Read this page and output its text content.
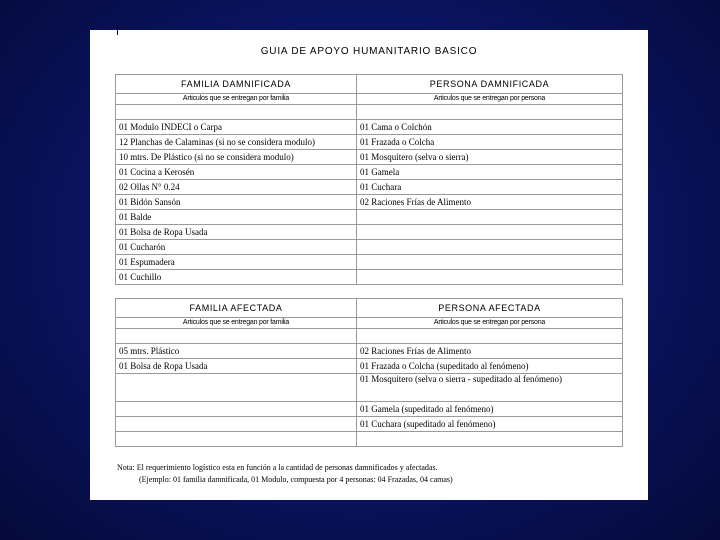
GUIA DE APOYO HUMANITARIO BASICO
FAMILIA DAMNIFICADA	PERSONA DAMNIFICADA
Articulos que se entregan por familia	Articulos que se entregan por persona

01 Modulo INDECI o Carpa	01 Cama o Colchón
12 Planchas de Calaminas (si no se considera modulo)	01 Frazada o Colcha
10 mtrs. De Plástico (si no se considera modulo)	01 Mosquitero (selva o sierra)
01 Cocina a Kerosén	01 Gamela
02 Ollas N° 0.24	01 Cuchara
01 Bidón Sansón	02 Raciones Frías de Alimento
01 Balde	
01 Bolsa de Ropa Usada	
01 Cucharón	
01 Espumadera	
01 Cuchillo	
FAMILIA AFECTADA	PERSONA AFECTADA
Articulos que se entregan por familia	Articulos que se entregan por persona

05 mtrs. Plástico	02 Raciones Frías de Alimento
01 Bolsa de Ropa Usada	01 Frazada o Colcha (supeditado al fenómeno)
	01 Mosquitero (selva o sierra - supeditado al fenómeno)
	01 Gamela (supeditado al fenómeno)
	01 Cuchara (supeditado al fenómeno)

Nota: El requerimiento logístico esta en función a la cantidad de personas damnificados y afectadas.
(Ejemplo: 01 familia damnificada, 01 Modulo, compuesta por 4 personas: 04 Frazadas, 04 camas)
